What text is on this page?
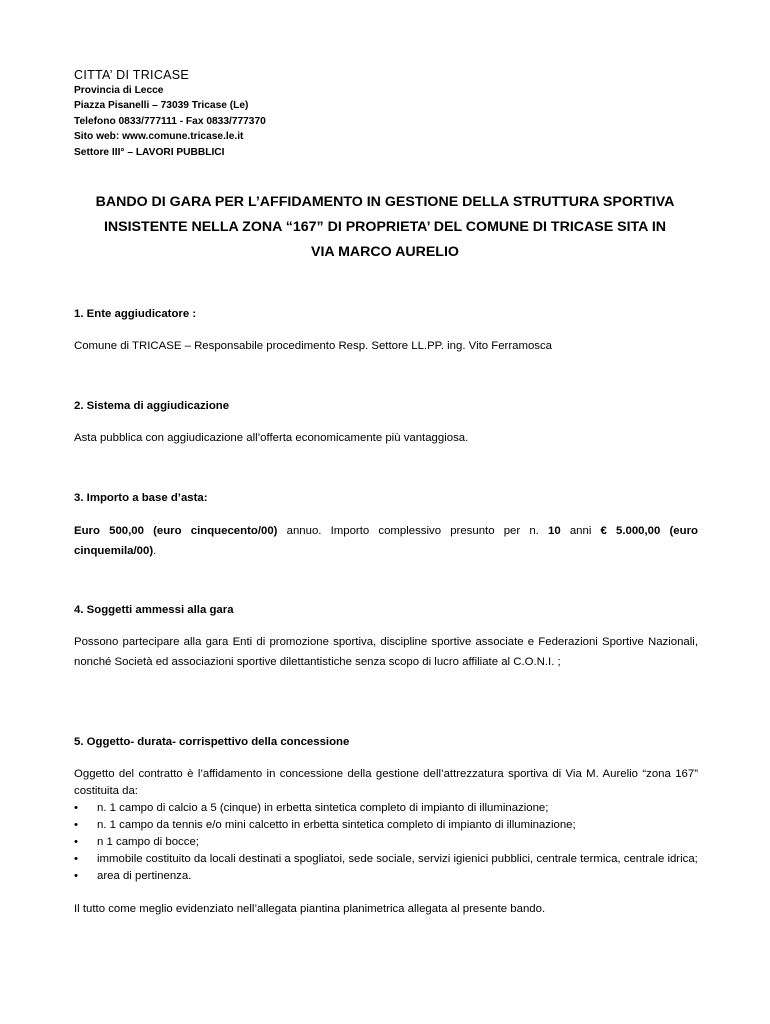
CITTA’ DI TRICASE
Provincia di Lecce
Piazza Pisanelli – 73039 Tricase (Le)
Telefono 0833/777111 - Fax 0833/777370
Sito web: www.comune.tricase.le.it
Settore III° – LAVORI PUBBLICI
BANDO DI GARA PER L’AFFIDAMENTO IN GESTIONE DELLA STRUTTURA SPORTIVA
INSISTENTE NELLA ZONA “167” DI PROPRIETA’ DEL COMUNE DI TRICASE SITA IN
VIA MARCO AURELIO
1. Ente aggiudicatore :
Comune di TRICASE – Responsabile procedimento Resp. Settore LL.PP. ing. Vito Ferramosca
2. Sistema di aggiudicazione
Asta pubblica con aggiudicazione all’offerta economicamente più vantaggiosa.
3. Importo a base d’asta:
Euro 500,00 (euro cinquecento/00) annuo. Importo complessivo presunto per n. 10 anni € 5.000,00 (euro cinquemila/00).
4. Soggetti ammessi alla gara
Possono partecipare alla gara Enti di promozione sportiva, discipline sportive associate e Federazioni Sportive Nazionali, nonché Società ed associazioni sportive dilettantistiche senza scopo di lucro affiliate al C.O.N.I. ;
5. Oggetto- durata- corrispettivo della concessione
Oggetto del contratto è l’affidamento in concessione della gestione dell’attrezzatura sportiva di Via M. Aurelio “zona 167” costituita da:
• n. 1 campo di calcio a 5 (cinque) in erbetta sintetica completo di impianto di illuminazione;
• n. 1 campo da tennis e/o mini calcetto in erbetta sintetica completo di impianto di illuminazione;
• n 1 campo di bocce;
• immobile costituito da locali destinati a spogliatoi, sede sociale, servizi igienici pubblici, centrale termica, centrale idrica;
• area di pertinenza.
Il tutto come meglio evidenziato nell’allegata piantina planimetrica allegata al presente bando.
